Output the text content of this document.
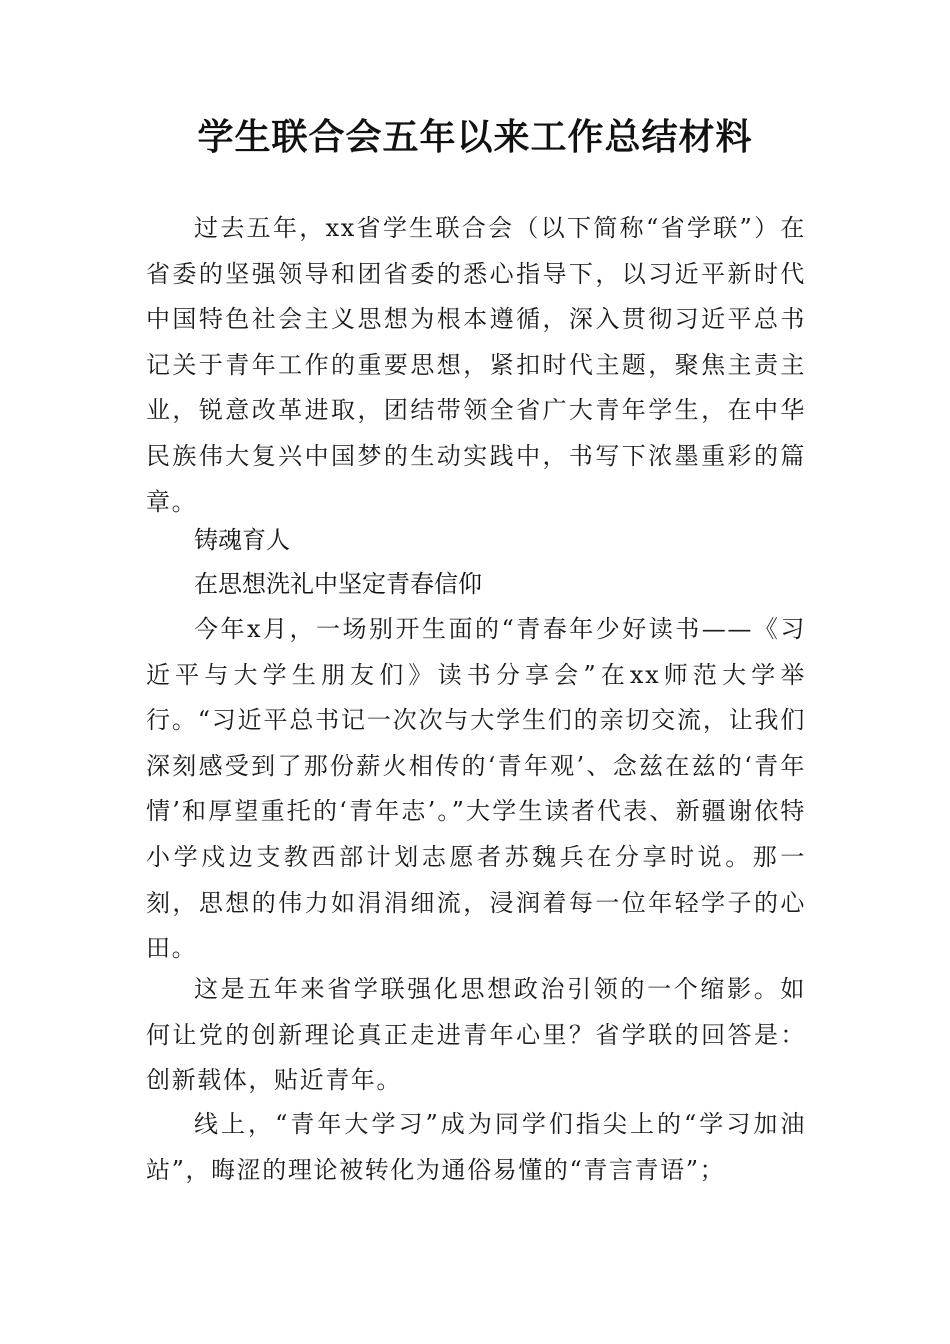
学生联合会五年以来工作总结材料

过去五年，xx省学生联合会（以下简称“省学联”）在省委的坚强领导和团省委的悉心指导下，以习近平新时代中国特色社会主义思想为根本遵循，深入贯彻习近平总书记关于青年工作的重要思想，紧扣时代主题，聚焦主责主业，锐意改革进取，团结带领全省广大青年学生，在中华民族伟大复兴中国梦的生动实践中，书写下浓墨重彩的篇章。

铸魂育人

在思想洗礼中坚定青春信仰

今年x月，一场别开生面的“青春年少好读书——《习近平与大学生朋友们》读书分享会”在xx师范大学举行。“习近平总书记一次次与大学生们的亲切交流，让我们深刻感受到了那份薪火相传的‘青年观’、念兹在兹的‘青年情’和厚望重托的‘青年志’。”大学生读者代表、新疆谢依特小学戍边支教西部计划志愿者苏魏兵在分享时说。那一刻，思想的伟力如涓涓细流，浸润着每一位年轻学子的心田。

这是五年来省学联强化思想政治引领的一个缩影。如何让党的创新理论真正走进青年心里？省学联的回答是：创新载体，贴近青年。

线上，“青年大学习”成为同学们指尖上的“学习加油站”，晦涩的理论被转化为通俗易懂的“青言青语”；
